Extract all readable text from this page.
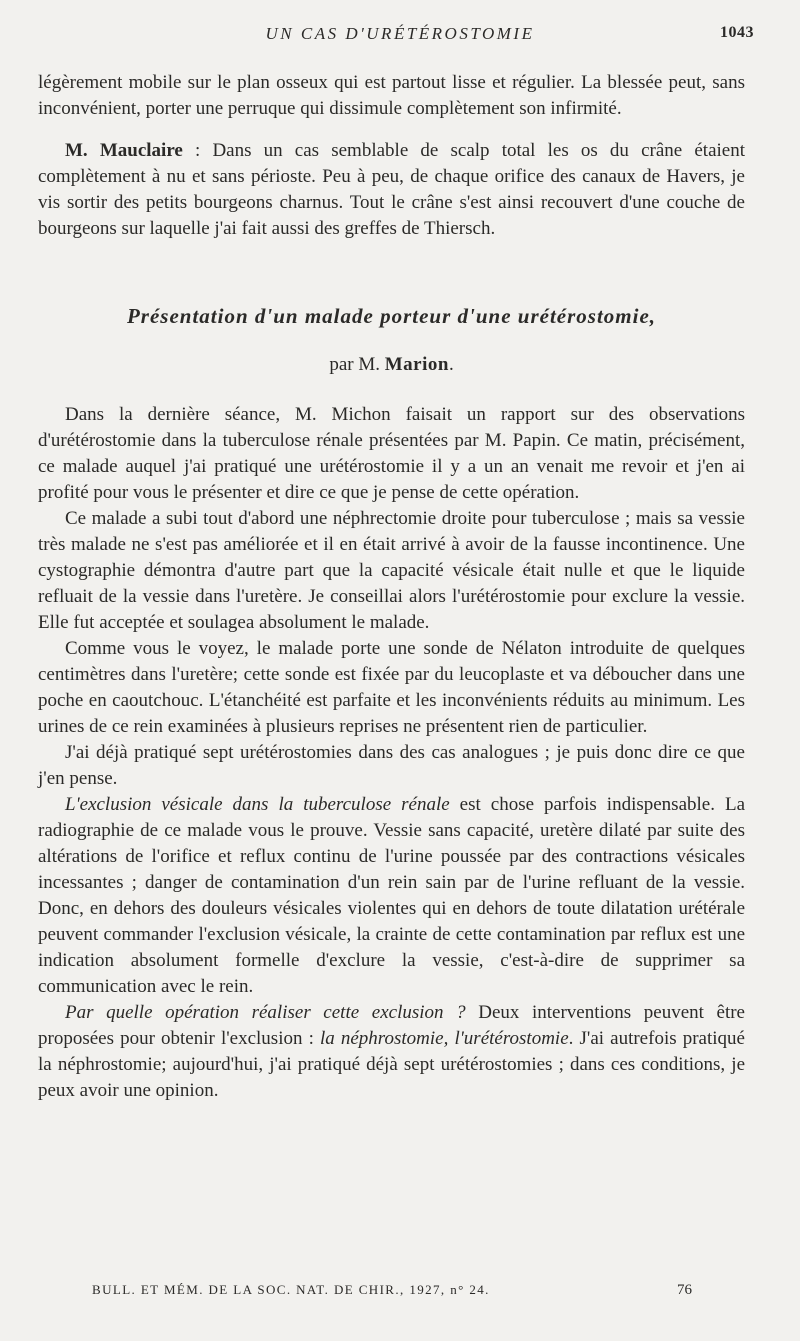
UN CAS D'URÉTÉROSTOMIE	1043

légèrement mobile sur le plan osseux qui est partout lisse et régulier. La blessée peut, sans inconvénient, porter une perruque qui dissimule complètement son infirmité.

M. Mauclaire : Dans un cas semblable de scalp total les os du crâne étaient complètement à nu et sans périoste. Peu à peu, de chaque orifice des canaux de Havers, je vis sortir des petits bourgeons charnus. Tout le crâne s'est ainsi recouvert d'une couche de bourgeons sur laquelle j'ai fait aussi des greffes de Thiersch.

Présentation d'un malade porteur d'une urétérostomie,
par M. Marion.

Dans la dernière séance, M. Michon faisait un rapport sur des observations d'urétérostomie dans la tuberculose rénale présentées par M. Papin. Ce matin, précisément, ce malade auquel j'ai pratiqué une urétérostomie il y a un an venait me revoir et j'en ai profité pour vous le présenter et dire ce que je pense de cette opération.

Ce malade a subi tout d'abord une néphrectomie droite pour tuberculose ; mais sa vessie très malade ne s'est pas améliorée et il en était arrivé à avoir de la fausse incontinence. Une cystographie démontra d'autre part que la capacité vésicale était nulle et que le liquide refluait de la vessie dans l'uretère. Je conseillai alors l'urétérostomie pour exclure la vessie. Elle fut acceptée et soulagea absolument le malade.

Comme vous le voyez, le malade porte une sonde de Nélaton introduite de quelques centimètres dans l'uretère; cette sonde est fixée par du leucoplaste et va déboucher dans une poche en caoutchouc. L'étanchéité est parfaite et les inconvénients réduits au minimum. Les urines de ce rein examinées à plusieurs reprises ne présentent rien de particulier.

J'ai déjà pratiqué sept urétérostomies dans des cas analogues ; je puis donc dire ce que j'en pense.

L'exclusion vésicale dans la tuberculose rénale est chose parfois indispensable. La radiographie de ce malade vous le prouve. Vessie sans capacité, uretère dilaté par suite des altérations de l'orifice et reflux continu de l'urine poussée par des contractions vésicales incessantes ; danger de contamination d'un rein sain par de l'urine refluant de la vessie. Donc, en dehors des douleurs vésicales violentes qui en dehors de toute dilatation urétérale peuvent commander l'exclusion vésicale, la crainte de cette contamination par reflux est une indication absolument formelle d'exclure la vessie, c'est-à-dire de supprimer sa communication avec le rein.

Par quelle opération réaliser cette exclusion ? Deux interventions peuvent être proposées pour obtenir l'exclusion : la néphrostomie, l'urétérostomie. J'ai autrefois pratiqué la néphrostomie; aujourd'hui, j'ai pratiqué déjà sept urétérostomies ; dans ces conditions, je peux avoir une opinion.

BULL. ET MÉM. DE LA SOC. NAT. DE CHIR., 1927, n° 24.	76
